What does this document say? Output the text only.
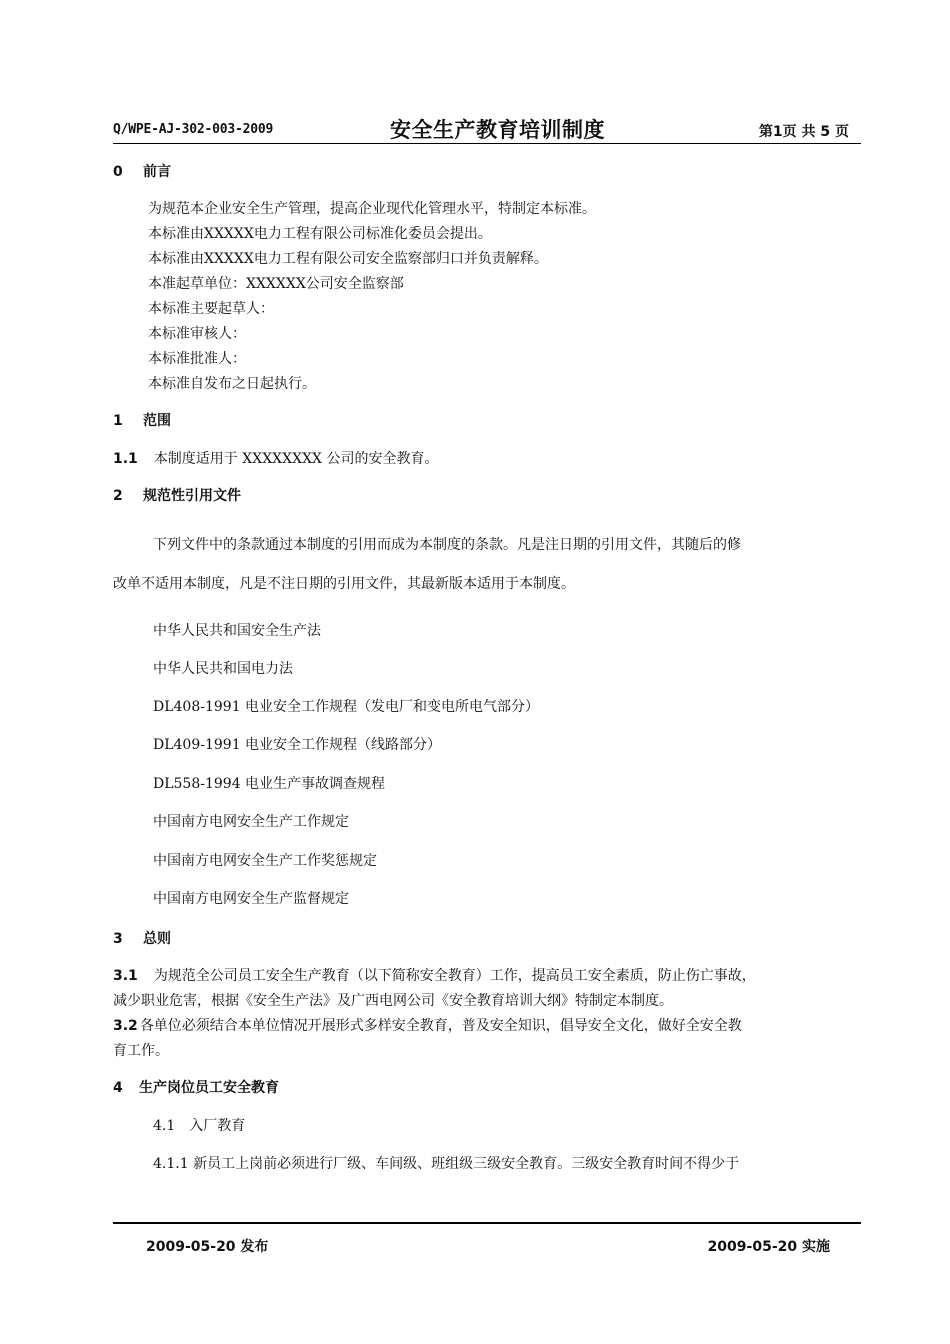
Q/WPE-AJ-302-003-2009	安全生产教育培训制度	第1页 共 5 页
0 前言
为规范本企业安全生产管理，提高企业现代化管理水平，特制定本标准。
本标准由XXXXX电力工程有限公司标准化委员会提出。
本标准由XXXXX电力工程有限公司安全监察部归口并负责解释。
本准起草单位：XXXXXX公司安全监察部
本标准主要起草人：
本标准审核人：
本标准批准人：
本标准自发布之日起执行。
1 范围
1.1 本制度适用于 XXXXXXXX 公司的安全教育。
2 规范性引用文件
下列文件中的条款通过本制度的引用而成为本制度的条款。凡是注日期的引用文件，其随后的修
改单不适用本制度，凡是不注日期的引用文件，其最新版本适用于本制度。
中华人民共和国安全生产法
中华人民共和国电力法
DL408-1991 电业安全工作规程（发电厂和变电所电气部分）
DL409-1991 电业安全工作规程（线路部分）
DL558-1994 电业生产事故调查规程
中国南方电网安全生产工作规定
中国南方电网安全生产工作奖惩规定
中国南方电网安全生产监督规定
3 总则
3.1 为规范全公司员工安全生产教育（以下简称安全教育）工作，提高员工安全素质，防止伤亡事故，
减少职业危害，根据《安全生产法》及广西电网公司《安全教育培训大纲》特制定本制度。
3.2 各单位必须结合本单位情况开展形式多样安全教育，普及安全知识，倡导安全文化，做好全安全教
育工作。
4 生产岗位员工安全教育
4.1　入厂教育
4.1.1 新员工上岗前必须进行厂级、车间级、班组级三级安全教育。三级安全教育时间不得少于
2009-05-20 发布	2009-05-20 实施
